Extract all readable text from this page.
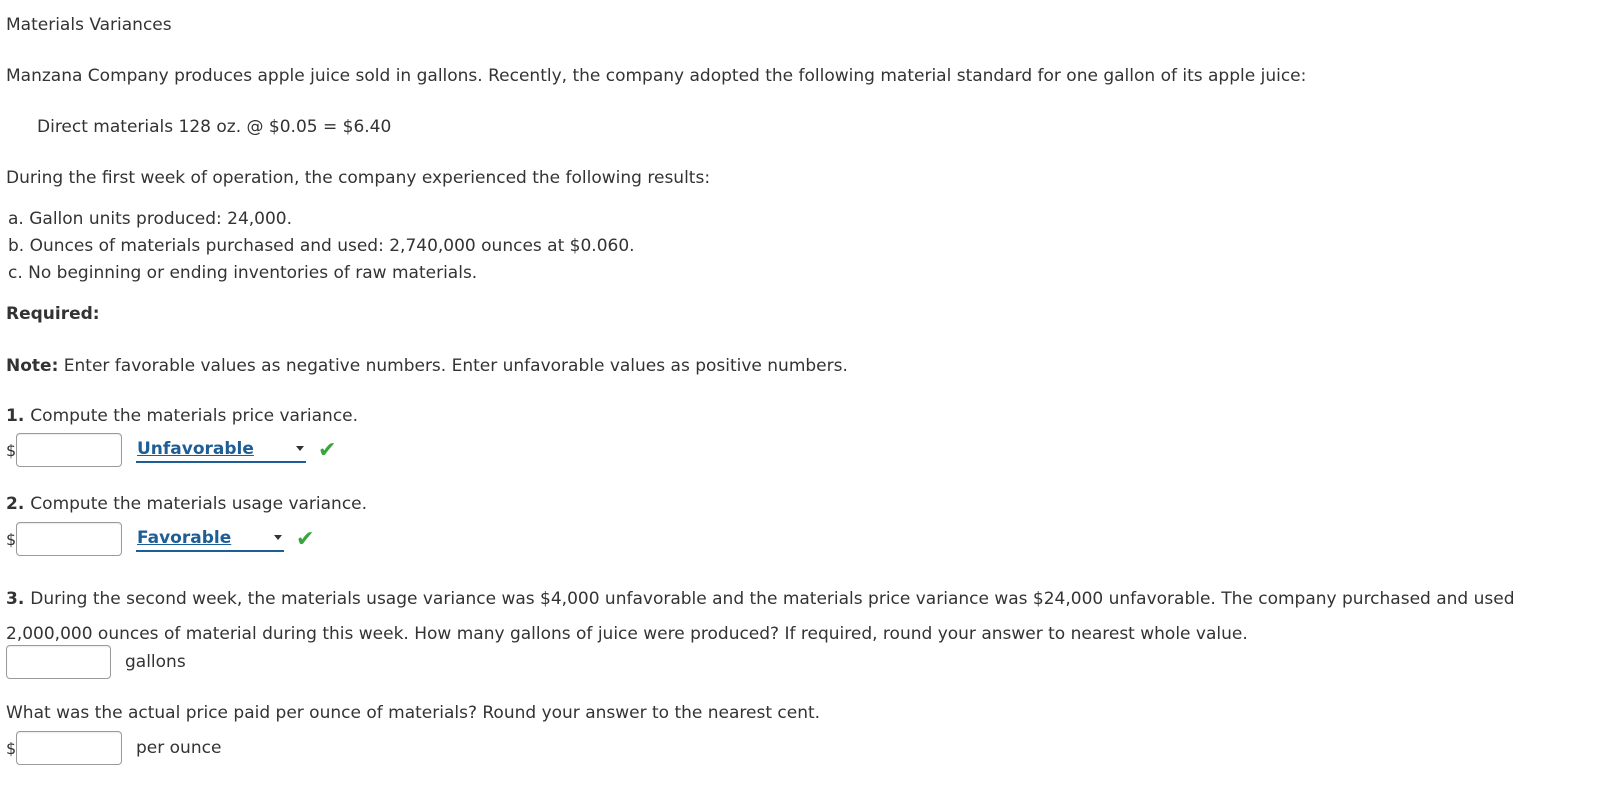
Materials Variances
Manzana Company produces apple juice sold in gallons. Recently, the company adopted the following material standard for one gallon of its apple juice:
Direct materials 128 oz. @ $0.05 = $6.40
During the first week of operation, the company experienced the following results:
a. Gallon units produced: 24,000.
b. Ounces of materials purchased and used: 2,740,000 ounces at $0.060.
c. No beginning or ending inventories of raw materials.
Required:
Note: Enter favorable values as negative numbers. Enter unfavorable values as positive numbers.
1. Compute the materials price variance.
$	Unfavorable	✔
2. Compute the materials usage variance.
$	Favorable	✔
3. During the second week, the materials usage variance was $4,000 unfavorable and the materials price variance was $24,000 unfavorable. The company purchased and used 2,000,000 ounces of material during this week. How many gallons of juice were produced? If required, round your answer to nearest whole value.
gallons
What was the actual price paid per ounce of materials? Round your answer to the nearest cent.
$	per ounce
